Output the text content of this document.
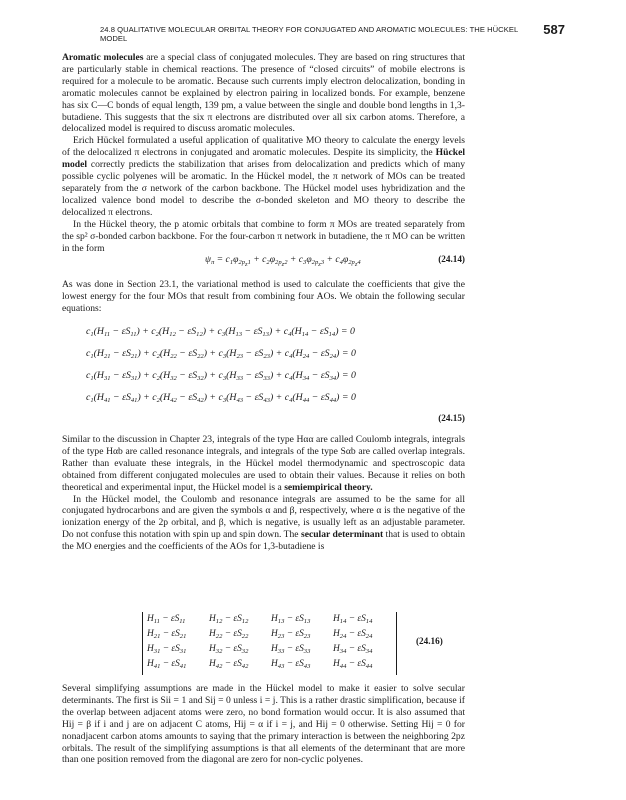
24.8 QUALITATIVE MOLECULAR ORBITAL THEORY FOR CONJUGATED AND AROMATIC MOLECULES: THE HÜCKEL MODEL
587

Aromatic molecules are a special class of conjugated molecules. They are based on ring structures that are particularly stable in chemical reactions. The presence of “closed circuits” of mobile electrons is required for a molecule to be aromatic. Because such currents imply electron delocalization, bonding in aromatic molecules cannot be explained by electron pairing in localized bonds. For example, benzene has six C—C bonds of equal length, 139 pm, a value between the single and double bond lengths in 1,3-butadiene. This suggests that the six π electrons are distributed over all six carbon atoms. Therefore, a delocalized model is required to discuss aromatic molecules.

Erich Hückel formulated a useful application of qualitative MO theory to calculate the energy levels of the delocalized π electrons in conjugated and aromatic molecules. Despite its simplicity, the Hückel model correctly predicts the stabilization that arises from delocalization and predicts which of many possible cyclic polyenes will be aromatic. In the Hückel model, the π network of MOs can be treated separately from the σ network of the carbon backbone. The Hückel model uses hybridization and the localized valence bond model to describe the σ-bonded skeleton and MO theory to describe the delocalized π electrons.

In the Hückel theory, the p atomic orbitals that combine to form π MOs are treated separately from the sp² σ-bonded carbon backbone. For the four-carbon π network in butadiene, the π MO can be written in the form

$\psi_\pi = c_1\varphi_{2p_z1} + c_2\varphi_{2p_z2} + c_3\varphi_{2p_z3} + c_4\varphi_{2p_z4}$	(24.14)

As was done in Section 23.1, the variational method is used to calculate the coefficients that give the lowest energy for the four MOs that result from combining four AOs. We obtain the following secular equations:

$c_1(H_{11} - \varepsilon S_{11}) + c_2(H_{12} - \varepsilon S_{12}) + c_3(H_{13} - \varepsilon S_{13}) + c_4(H_{14} - \varepsilon S_{14}) = 0$
$c_1(H_{21} - \varepsilon S_{21}) + c_2(H_{22} - \varepsilon S_{22}) + c_3(H_{23} - \varepsilon S_{23}) + c_4(H_{24} - \varepsilon S_{24}) = 0$
$c_1(H_{31} - \varepsilon S_{31}) + c_2(H_{32} - \varepsilon S_{32}) + c_3(H_{33} - \varepsilon S_{33}) + c_4(H_{34} - \varepsilon S_{34}) = 0$
$c_1(H_{41} - \varepsilon S_{41}) + c_2(H_{42} - \varepsilon S_{42}) + c_3(H_{43} - \varepsilon S_{43}) + c_4(H_{44} - \varepsilon S_{44}) = 0$
(24.15)

Similar to the discussion in Chapter 23, integrals of the type Hαα are called Coulomb integrals, integrals of the type Hαb are called resonance integrals, and integrals of the type Sαb are called overlap integrals. Rather than evaluate these integrals, in the Hückel model thermodynamic and spectroscopic data obtained from different conjugated molecules are used to obtain their values. Because it relies on both theoretical and experimental input, the Hückel model is a semiempirical theory.

In the Hückel model, the Coulomb and resonance integrals are assumed to be the same for all conjugated hydrocarbons and are given the symbols α and β, respectively, where α is the negative of the ionization energy of the 2p orbital, and β, which is negative, is usually left as an adjustable parameter. Do not confuse this notation with spin up and spin down. The secular determinant that is used to obtain the MO energies and the coefficients of the AOs for 1,3-butadiene is

$H_{11} - \varepsilon S_{11}$	$H_{12} - \varepsilon S_{12}$ $H_{13} - \varepsilon S_{13}$ $H_{14} - \varepsilon S_{14}$
$H_{21} - \varepsilon S_{21}$ $H_{22} - \varepsilon S_{22}$ $H_{23} - \varepsilon S_{23}$ $H_{24} - \varepsilon S_{24}$
$H_{31} - \varepsilon S_{31}$ $H_{32} - \varepsilon S_{32}$ $H_{33} - \varepsilon S_{33}$ $H_{34} - \varepsilon S_{34}$
$H_{41} - \varepsilon S_{41}$ $H_{42} - \varepsilon S_{42}$ $H_{43} - \varepsilon S_{43}$ $H_{44} - \varepsilon S_{44}$
(24.16)

Several simplifying assumptions are made in the Hückel model to make it easier to solve secular determinants. The first is Sii = 1 and Sij = 0 unless i = j. This is a rather drastic simplification, because if the overlap between adjacent atoms were zero, no bond formation would occur. It is also assumed that Hij = β if i and j are on adjacent C atoms, Hij = α if i = j, and Hij = 0 otherwise. Setting Hij = 0 for nonadjacent carbon atoms amounts to saying that the primary interaction is between the neighboring 2pz orbitals. The result of the simplifying assumptions is that all elements of the determinant that are more than one position removed from the diagonal are zero for non-cyclic polyenes.
